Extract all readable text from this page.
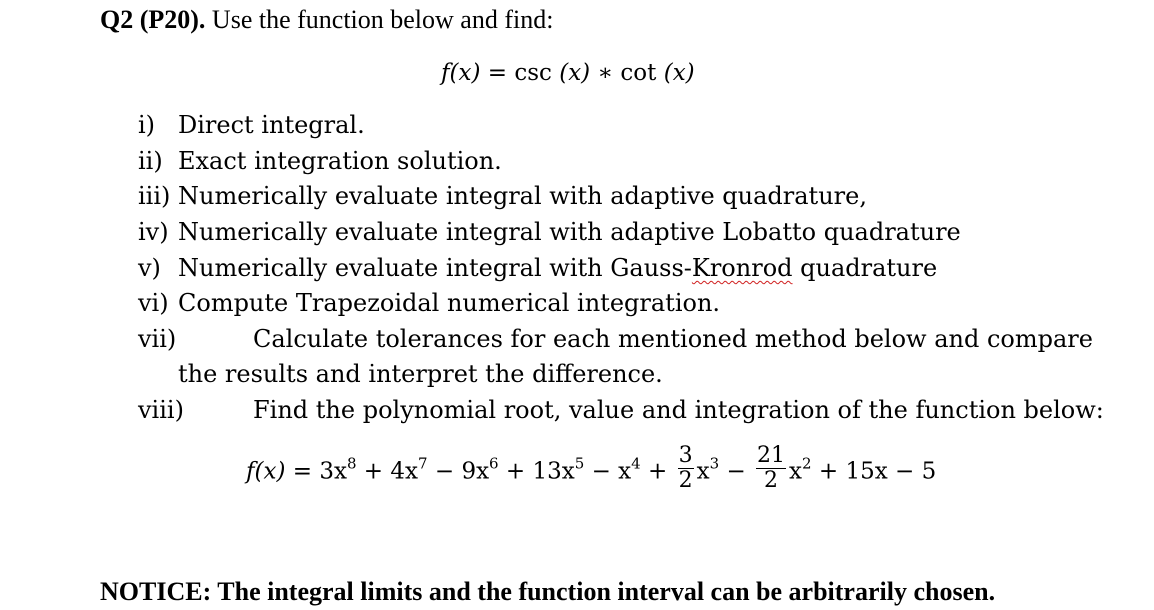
Q2 (P20). Use the function below and find:
f(x) = csc (x) ∗ cot (x)
i) Direct integral.
ii) Exact integration solution.
iii) Numerically evaluate integral with adaptive quadrature,
iv) Numerically evaluate integral with adaptive Lobatto quadrature
v) Numerically evaluate integral with Gauss-Kronrod quadrature
vi) Compute Trapezoidal numerical integration.
vii)	Calculate tolerances for each mentioned method below and compare
the results and interpret the difference.
viii)	Find the polynomial root, value and integration of the function below:
$f(x) = 3x^8 + 4x^7 - 9x^6 + 13x^5 - x^4 + \frac{3}{2} x^3 - \frac{21}{2} x^2 + 15x - 5$
NOTICE: The integral limits and the function interval can be arbitrarily chosen.
